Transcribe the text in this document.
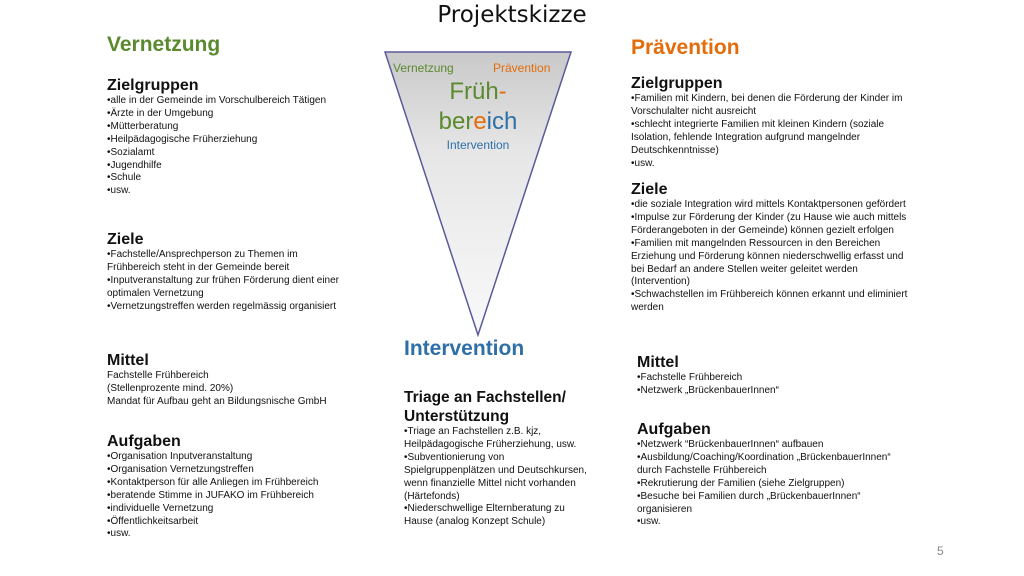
Projektskizze
Vernetzung
Zielgruppen
• alle in der Gemeinde im Vorschulbereich Tätigen
• Ärzte in der Umgebung
• Mütterberatung
• Heilpädagogische Früherziehung
• Sozialamt
• Jugendhilfe
• Schule
• usw.
Ziele
• Fachstelle/Ansprechperson zu Themen im Frühbereich steht in der Gemeinde bereit
• Inputveranstaltung zur frühen Förderung dient einer optimalen Vernetzung
• Vernetzungstreffen werden regelmässig organisiert
Mittel
Fachstelle Frühbereich
(Stellenprozente mind. 20%)
Mandat für Aufbau geht an Bildungsnische GmbH
Aufgaben
• Organisation Inputveranstaltung
• Organisation Vernetzungstreffen
• Kontaktperson für alle Anliegen im Frühbereich
• beratende Stimme in JUFAKO im Frühbereich
• individuelle Vernetzung
• Öffentlichkeitsarbeit
• usw.
Vernetzung	Prävention
Früh-
bereich
Intervention
Intervention
Triage an Fachstellen/ Unterstützung
• Triage an Fachstellen z.B. kjz, Heilpädagogische Früherziehung, usw.
• Subventionierung von Spielgruppenplätzen und Deutschkursen, wenn finanzielle Mittel nicht vorhanden (Härtefonds)
• Niederschwellige Elternberatung zu Hause (analog Konzept Schule)
Prävention
Zielgruppen
• Familien mit Kindern, bei denen die Förderung der Kinder im Vorschulalter nicht ausreicht
• schlecht integrierte Familien mit kleinen Kindern (soziale Isolation, fehlende Integration aufgrund mangelnder Deutschkenntnisse)
• usw.
Ziele
• die soziale Integration wird mittels Kontaktpersonen gefördert
• Impulse zur Förderung der Kinder (zu Hause wie auch mittels Förderangeboten in der Gemeinde) können gezielt erfolgen
• Familien mit mangelnden Ressourcen in den Bereichen Erziehung und Förderung können niederschwellig erfasst und bei Bedarf an andere Stellen weiter geleitet werden (Intervention)
• Schwachstellen im Frühbereich können erkannt und eliminiert werden
Mittel
• Fachstelle Frühbereich
• Netzwerk „BrückenbauerInnen“
Aufgaben
• Netzwerk “BrückenbauerInnen“ aufbauen
• Ausbildung/Coaching/Koordination „BrückenbauerInnen“ durch Fachstelle Frühbereich
• Rekrutierung der Familien (siehe Zielgruppen)
• Besuche bei Familien durch „BrückenbauerInnen“ organisieren
• usw.
5
